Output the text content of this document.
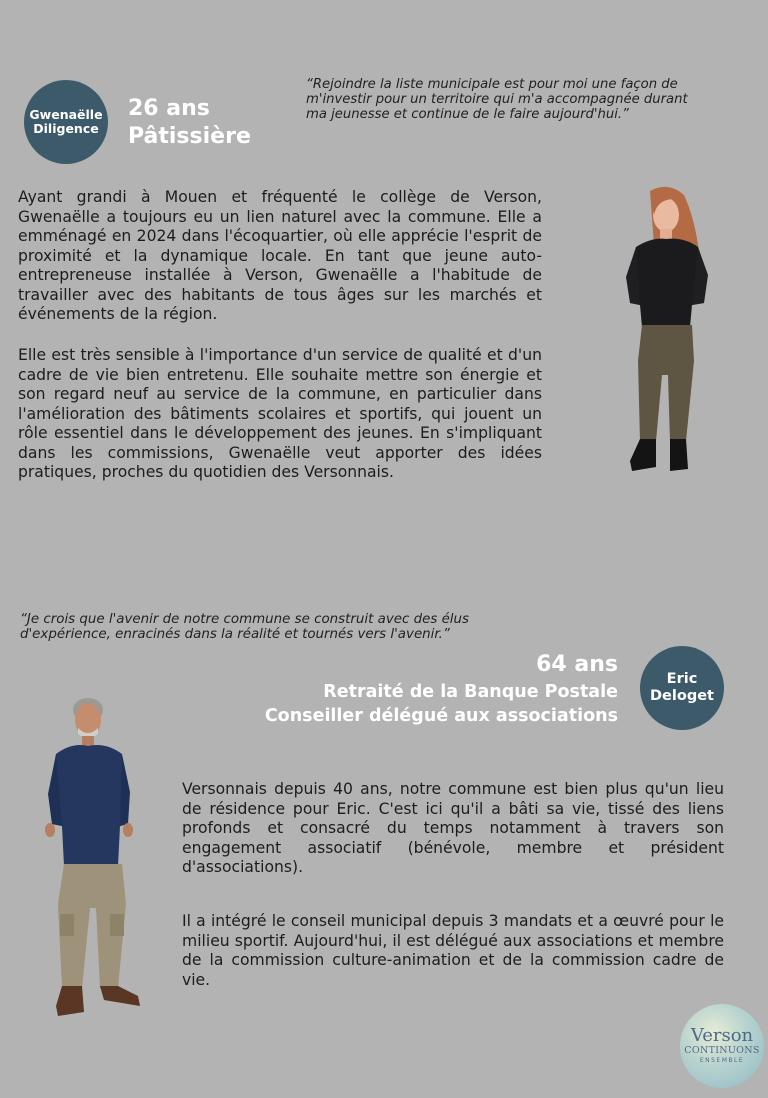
Gwenaëlle
Diligence
26 ans
Pâtissière
“Rejoindre la liste municipale est pour moi une façon de
m'investir pour un territoire qui m'a accompagnée durant
ma jeunesse et continue de le faire aujourd'hui.”

Ayant grandi à Mouen et fréquenté le collège de Verson, Gwenaëlle a toujours eu un lien naturel avec la commune. Elle a emménagé en 2024 dans l'écoquartier, où elle apprécie l'esprit de proximité et la dynamique locale. En tant que jeune auto-entrepreneuse installée à Verson, Gwenaëlle a l'habitude de travailler avec des habitants de tous âges sur les marchés et événements de la région.

Elle est très sensible à l'importance d'un service de qualité et d'un cadre de vie bien entretenu. Elle souhaite mettre son énergie et son regard neuf au service de la commune, en particulier dans l'amélioration des bâtiments scolaires et sportifs, qui jouent un rôle essentiel dans le développement des jeunes. En s'impliquant dans les commissions, Gwenaëlle veut apporter des idées pratiques, proches du quotidien des Versonnais.

“Je crois que l'avenir de notre commune se construit avec des élus
d'expérience, enracinés dans la réalité et tournés vers l'avenir.”
64 ans
Retraité de la Banque Postale
Conseiller délégué aux associations
Eric
Deloget

Versonnais depuis 40 ans, notre commune est bien plus qu'un lieu de résidence pour Eric. C'est ici qu'il a bâti sa vie, tissé des liens profonds et consacré du temps notamment à travers son engagement associatif (bénévole, membre et président d'associations).

Il a intégré le conseil municipal depuis 3 mandats et a œuvré pour le milieu sportif. Aujourd'hui, il est délégué aux associations et membre de la commission culture-animation et de la commission cadre de vie.

Verson
CONTINUONS
ENSEMBLE
